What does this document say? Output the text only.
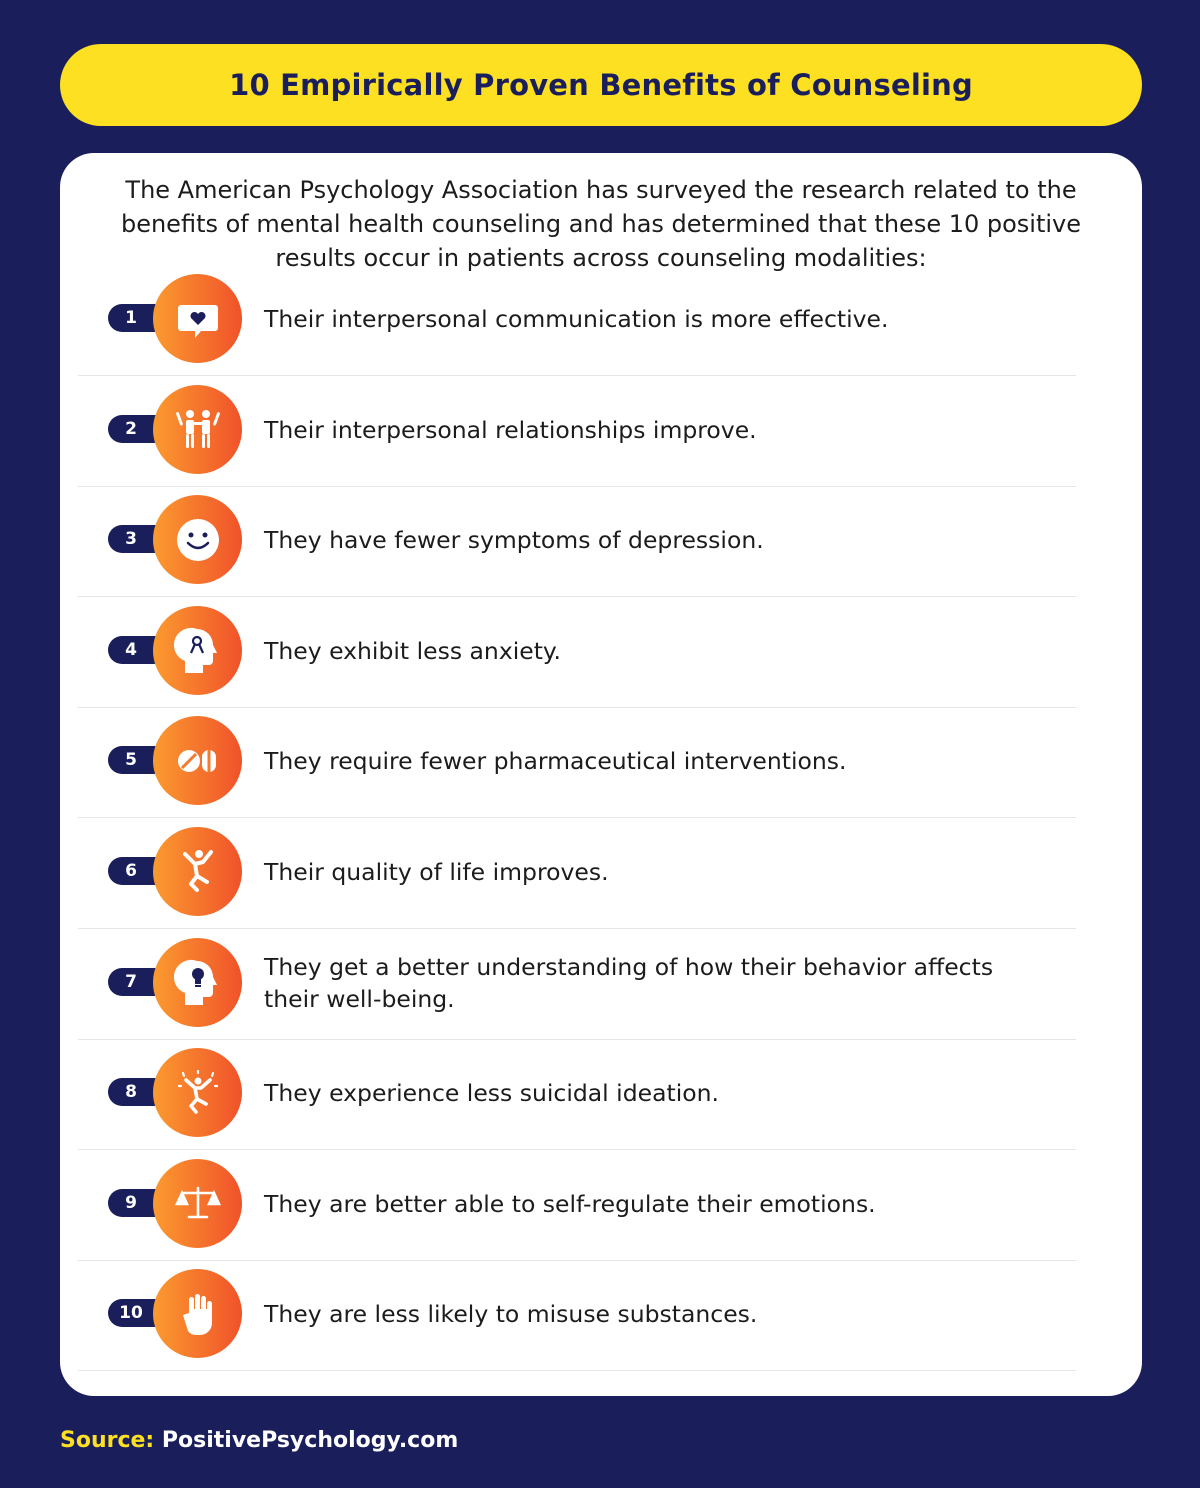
10 Empirically Proven Benefits of Counseling

The American Psychology Association has surveyed the research related to the benefits of mental health counseling and has determined that these 10 positive results occur in patients across counseling modalities:

1	Their interpersonal communication is more effective.
2	Their interpersonal relationships improve.
3	They have fewer symptoms of depression.
4	They exhibit less anxiety.
5	They require fewer pharmaceutical interventions.
6	Their quality of life improves.
7
They get a better understanding of how their behavior affects their well-being.
8	They experience less suicidal ideation.
9	They are better able to self-regulate their emotions.
10	They are less likely to misuse substances.
Source: PositivePsychology.com
